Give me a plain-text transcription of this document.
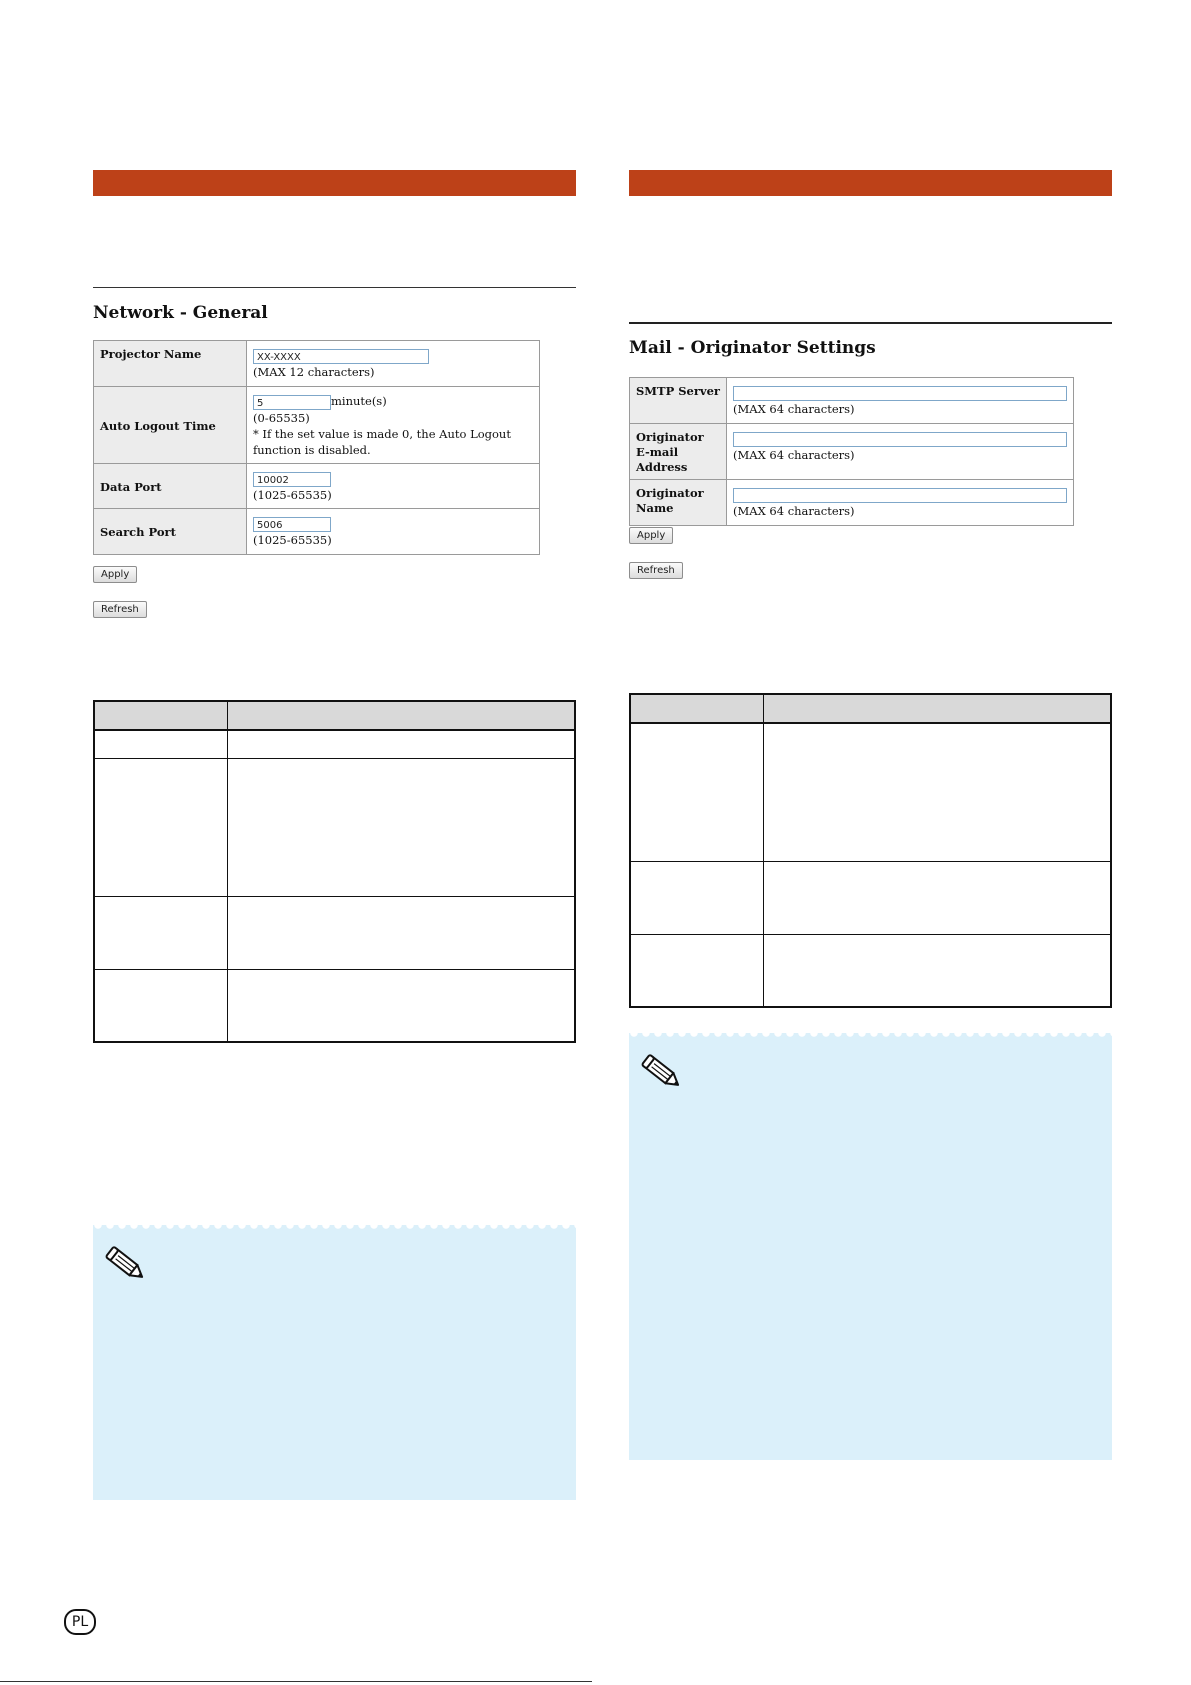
Network - General
Projector Name	XX-XXXX
(MAX 12 characters)
Auto Logout Time	5 minute(s)
(0-65535)
* If the set value is made 0, the Auto Logout function is disabled.
Data Port	10002
(1025-65535)
Search Port	5006
(1025-65535)
Apply
Refresh

Mail - Originator Settings
SMTP Server	(MAX 64 characters)
Originator E-mail Address	(MAX 64 characters)
Originator Name	(MAX 64 characters)
Apply
Refresh

PL
